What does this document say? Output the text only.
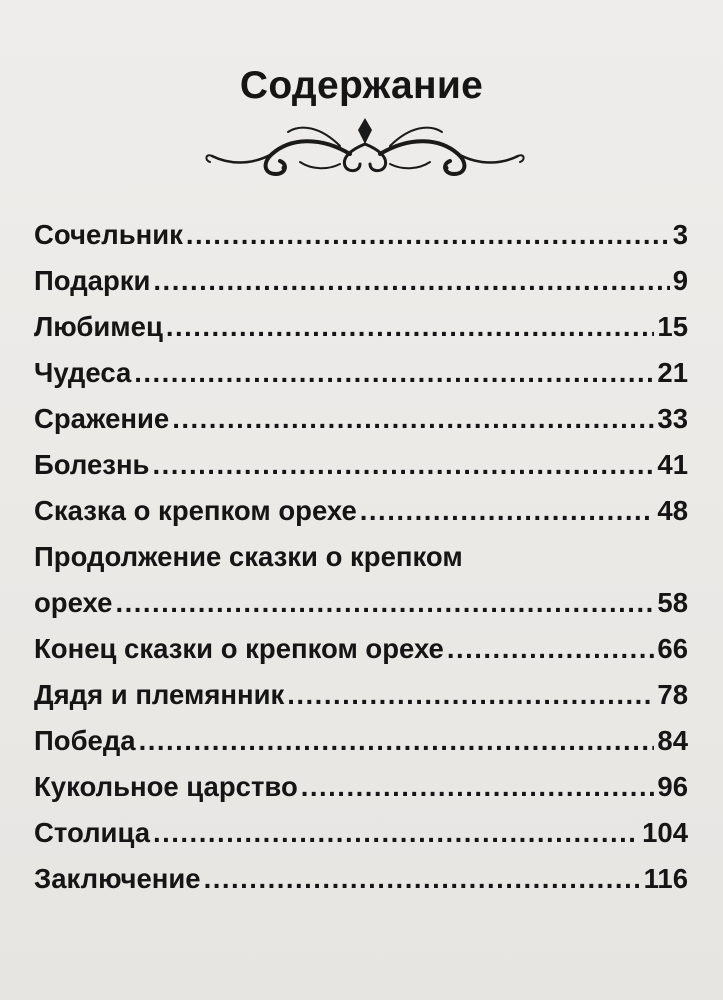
Содержание
Сочельник .....	3
Подарки .....	9
Любимец .....	15
Чудеса .....	21
Сражение .....	33
Болезнь .....	41
Сказка о крепком орехе .....	48
Продолжение сказки о крепком
орехе .....	58
Конец сказки о крепком орехе .....	66
Дядя и племянник .....	78
Победа .....	84
Кукольное царство .....	96
Столица .....	104
Заключение .....	116
